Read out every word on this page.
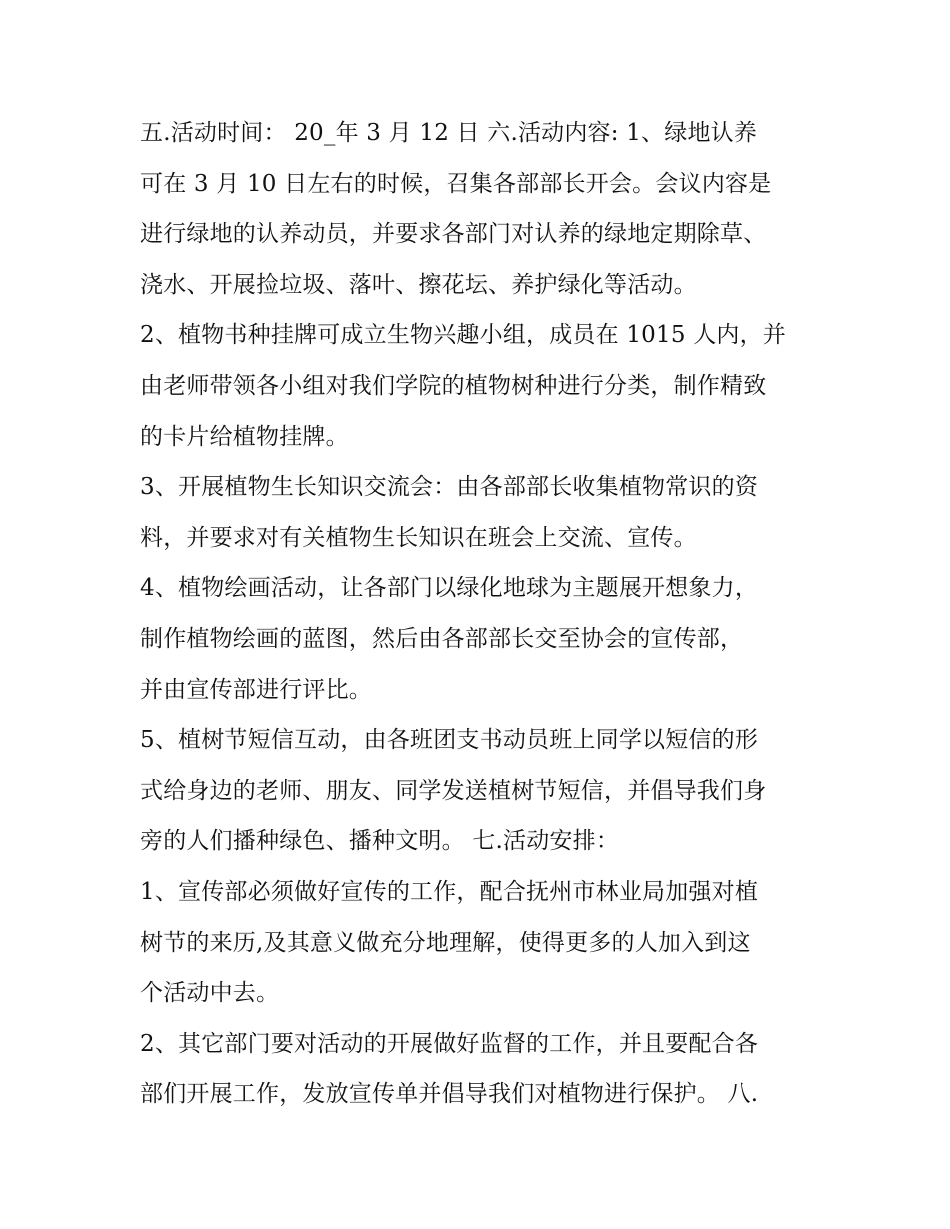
五.活动时间： 20_年 3 月 12 日 六.活动内容: 1、绿地认养
可在 3 月 10 日左右的时候，召集各部部长开会。会议内容是
进行绿地的认养动员，并要求各部门对认养的绿地定期除草、
浇水、开展捡垃圾、落叶、擦花坛、养护绿化等活动。
2、植物书种挂牌可成立生物兴趣小组，成员在 1015 人内，并
由老师带领各小组对我们学院的植物树种进行分类，制作精致
的卡片给植物挂牌。
3、开展植物生长知识交流会：由各部部长收集植物常识的资
料，并要求对有关植物生长知识在班会上交流、宣传。
4、植物绘画活动，让各部门以绿化地球为主题展开想象力，
制作植物绘画的蓝图，然后由各部部长交至协会的宣传部，
并由宣传部进行评比。
5、植树节短信互动，由各班团支书动员班上同学以短信的形
式给身边的老师、朋友、同学发送植树节短信，并倡导我们身
旁的人们播种绿色、播种文明。 七.活动安排：
1、宣传部必须做好宣传的工作，配合抚州市林业局加强对植
树节的来历,及其意义做充分地理解，使得更多的人加入到这
个活动中去。
2、其它部门要对活动的开展做好监督的工作，并且要配合各
部们开展工作，发放宣传单并倡导我们对植物进行保护。 八.
